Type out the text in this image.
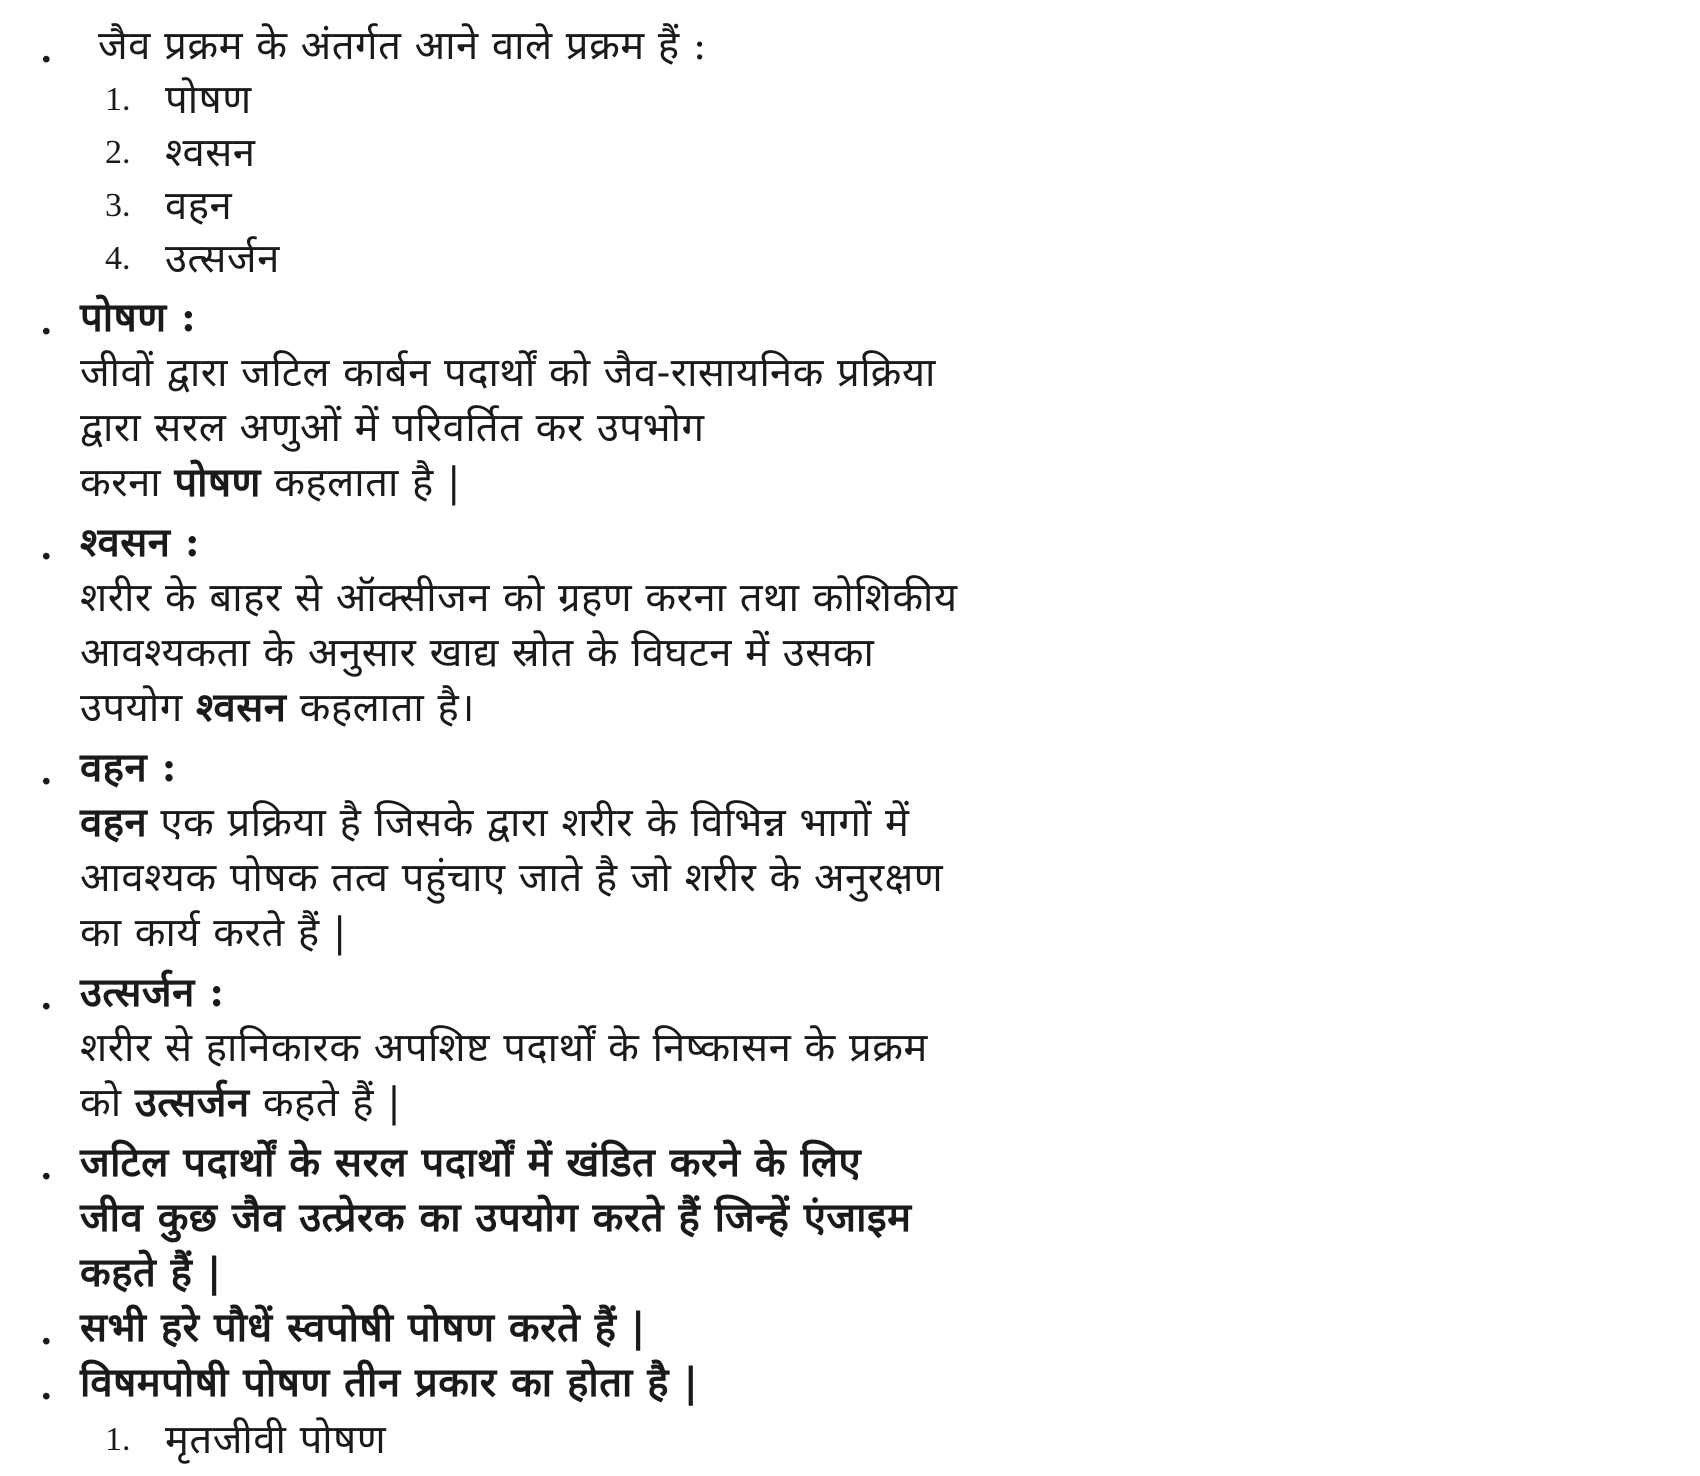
. जैव प्रक्रम के अंतर्गत आने वाले प्रक्रम हैं :
1. पोषण
2. श्वसन
3. वहन
4. उत्सर्जन
. पोषण :
जीवों द्वारा जटिल कार्बन पदार्थों को जैव-रासायनिक प्रक्रिया
द्वारा सरल अणुओं में परिवर्तित कर उपभोग
करना पोषण कहलाता है |
. श्वसन :
शरीर के बाहर से ऑक्सीजन को ग्रहण करना तथा कोशिकीय
आवश्यकता के अनुसार खाद्य स्रोत के विघटन में उसका
उपयोग श्वसन कहलाता है।
. वहन :
वहन एक प्रक्रिया है जिसके द्वारा शरीर के विभिन्न भागों में
आवश्यक पोषक तत्व पहुंचाए जाते है जो शरीर के अनुरक्षण
का कार्य करते हैं |
. उत्सर्जन :
शरीर से हानिकारक अपशिष्ट पदार्थों के निष्कासन के प्रक्रम
को उत्सर्जन कहते हैं |
. जटिल पदार्थों के सरल पदार्थों में खंडित करने के लिए
जीव कुछ जैव उत्प्रेरक का उपयोग करते हैं जिन्हें एंजाइम
कहते हैं |
. सभी हरे पौधें स्वपोषी पोषण करते हैं |
. विषमपोषी पोषण तीन प्रकार का होता है |
1. मृतजीवी पोषण
